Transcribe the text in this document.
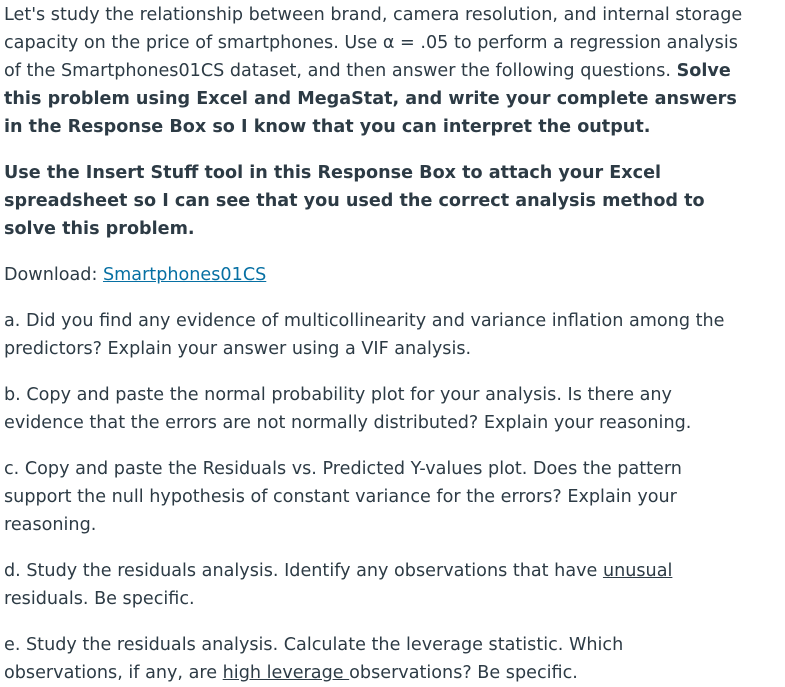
Let's study the relationship between brand, camera resolution, and internal storage capacity on the price of smartphones. Use α = .05 to perform a regression analysis of the Smartphones01CS dataset, and then answer the following questions. Solve this problem using Excel and MegaStat, and write your complete answers in the Response Box so I know that you can interpret the output.

Use the Insert Stuff tool in this Response Box to attach your Excel spreadsheet so I can see that you used the correct analysis method to solve this problem.

Download: Smartphones01CS

a. Did you find any evidence of multicollinearity and variance inflation among the predictors? Explain your answer using a VIF analysis.

b. Copy and paste the normal probability plot for your analysis. Is there any evidence that the errors are not normally distributed? Explain your reasoning.

c. Copy and paste the Residuals vs. Predicted Y-values plot. Does the pattern support the null hypothesis of constant variance for the errors? Explain your reasoning.

d. Study the residuals analysis. Identify any observations that have unusual residuals. Be specific.

e. Study the residuals analysis. Calculate the leverage statistic. Which observations, if any, are high leverage observations? Be specific.
